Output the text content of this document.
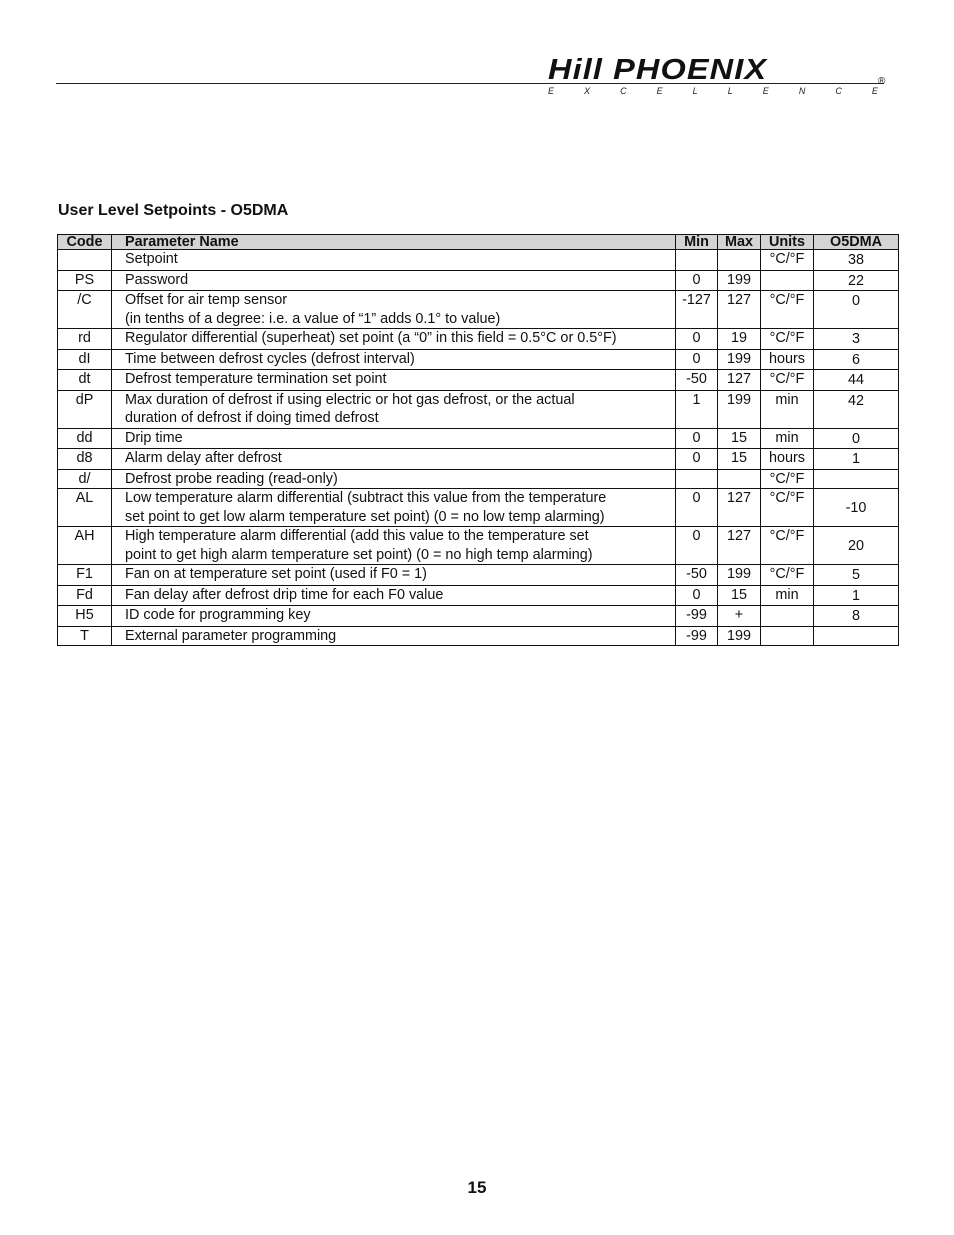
Hill PHOENIX	®
E	X	C	E	L	L	E	N	C	E
User Level Setpoints - O5DMA
Code	Parameter Name	Min	Max	Units	O5DMA

	Setpoint			°C/°F	38
PS	Password	0	199		22
/C	Offset for air temp sensor
(in tenths of a degree: i.e. a value of “1” adds 0.1° to value)	-127	127	°C/°F	0
rd	Regulator differential (superheat) set point (a “0” in this field = 0.5°C or 0.5°F)	0	19	°C/°F	3
dI	Time between defrost cycles (defrost interval)	0	199	hours	6
dt	Defrost temperature termination set point	-50	127	°C/°F	44
dP	Max duration of defrost if using electric or hot gas defrost, or the actual
duration of defrost if doing timed defrost	1	199	min	42
dd	Drip time	0	15	min	0
d8	Alarm delay after defrost	0	15	hours	1
d/	Defrost probe reading (read-only)			°C/°F	
AL	Low temperature alarm differential (subtract this value from the temperature
set point to get low alarm temperature set point) (0 = no low temp alarming)	0	127	°C/°F	-10
AH	High temperature alarm differential (add this value to the temperature set
point to get high alarm temperature set point) (0 = no high temp alarming)	0	127	°C/°F	20
F1	Fan on at temperature set point (used if F0 = 1)	-50	199	°C/°F	5
Fd	Fan delay after defrost drip time for each F0 value	0	15	min	1
H5	ID code for programming key	-99	+		8
T	External parameter programming	-99	199		
15
